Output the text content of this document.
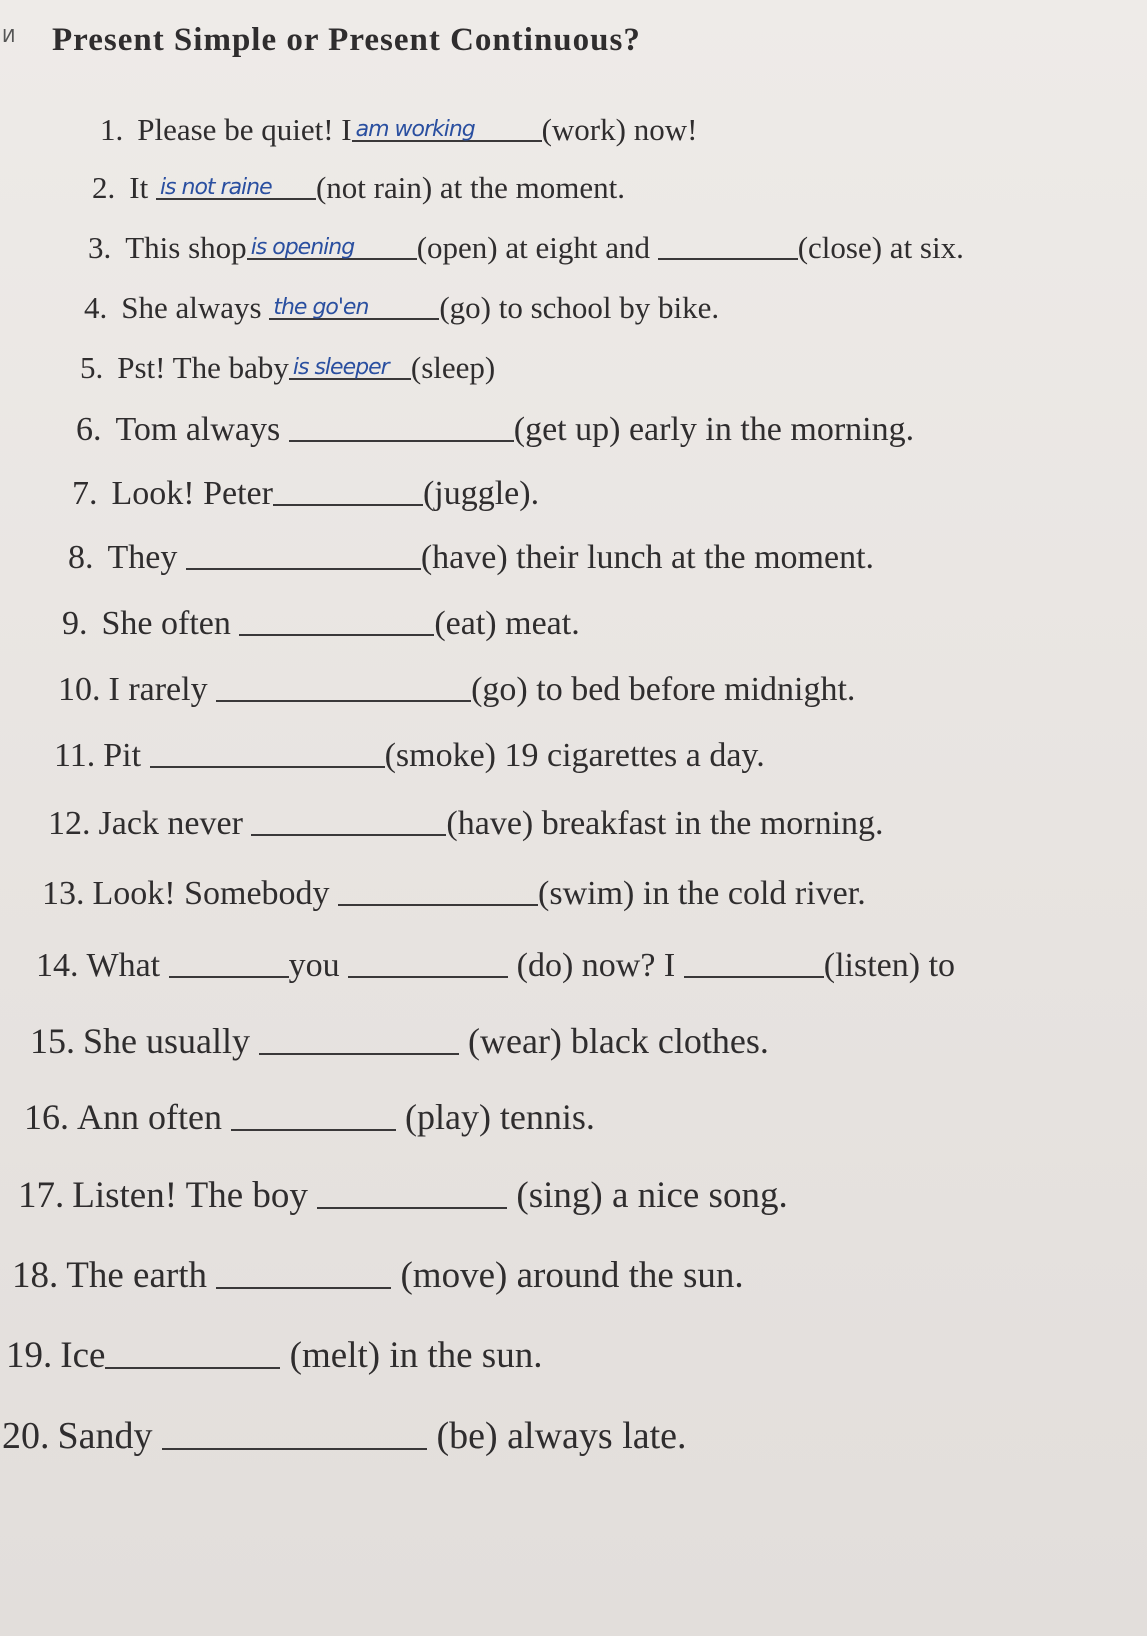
И Present Simple or Present Continuous?
1. Please be quiet! I am working (work) now!
2. It is not raine (not rain) at the moment.
3. This shop is opening (open) at eight and	(close) at six.
4. She always the go'en (go) to school by bike.
5. Pst! The baby is sleeper (sleep)
6. Tom always	(get up) early in the morning.
7. Look! Peter	(juggle).
8. They	(have) their lunch at the moment.
9. She often	(eat) meat.
10. I rarely	(go) to bed before midnight.
11. Pit	(smoke) 19 cigarettes a day.
12. Jack never	(have) breakfast in the morning.
13. Look! Somebody	(swim) in the cold river.
14. What	you	(do) now? I	(listen) to
15. She usually	(wear) black clothes.
16. Ann often	(play) tennis.
17. Listen! The boy	(sing) a nice song.
18. The earth	(move) around the sun.
19. Ice	(melt) in the sun.
20. Sandy	(be) always late.
